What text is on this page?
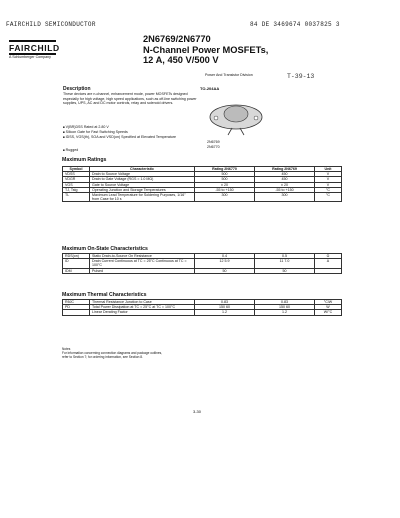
FAIRCHILD SEMICONDUCTOR	84 DE 3469674 0037825 3
FAIRCHILD
A Schlumberger Company
2N6769/2N6770
N-Channel Power MOSFETs,
12 A, 450 V/500 V
Power And Transistor Division	T-39-13
Description
These devices are n-channel, enhancement mode, power MOSFETs designed especially for high voltage, high speed applications, such as off-line switching power supplies, UPS, AC and DC motor controls, relay and solenoid drivers.
■ V(BR)DSS Rated at 2.80 V
■ Silicon Gate for Fast Switching Speeds
■ IDSS, VGS(th), SOA and VSD(on) Specified at Elevated Temperature
■ Rugged
TO-204AA
2N6769
2N6770
Maximum Ratings
Symbol	Characteristic	Rating 2N6770	Rating 2N6769	Unit
VDSS	Drain to Source Voltage	500	450	V
VDGR	Drain to Gate Voltage (RGS = 1.0 MΩ)	500	450	V
VGS	Gate to Source Voltage	± 20	± 20	V
TJ, Tstg	Operating Junction and Storage Temperatures	-55 to +150	-55 to +150	°C
TL	Maximum Lead Temperature for Soldering Purposes, 1/16" from Case for 10 s	300	300	°C
Maximum On-State Characteristics
RDS(on)	Static Drain-to-Source On Resistance	0.4	0.5	Ω
ID	Drain Current Continuous at TC = 25°C Continuous at TC = 100°C	12 5.9	11 7.0	A
IDM	Pulsed	50	50	
Maximum Thermal Characteristics
RθJC	Thermal Resistance Junction to Case	0.83	0.83	°C/W
PD	Total Power Dissipation at TC = 25°C at TC = 100°C	150 60	150 60	W
	Linear Derating Factor	1.2	1.2	W/°C
Notes
For information concerning connection diagrams and package outlines,
refer to Section 7; for ordering information, see Section 8.
3-30
